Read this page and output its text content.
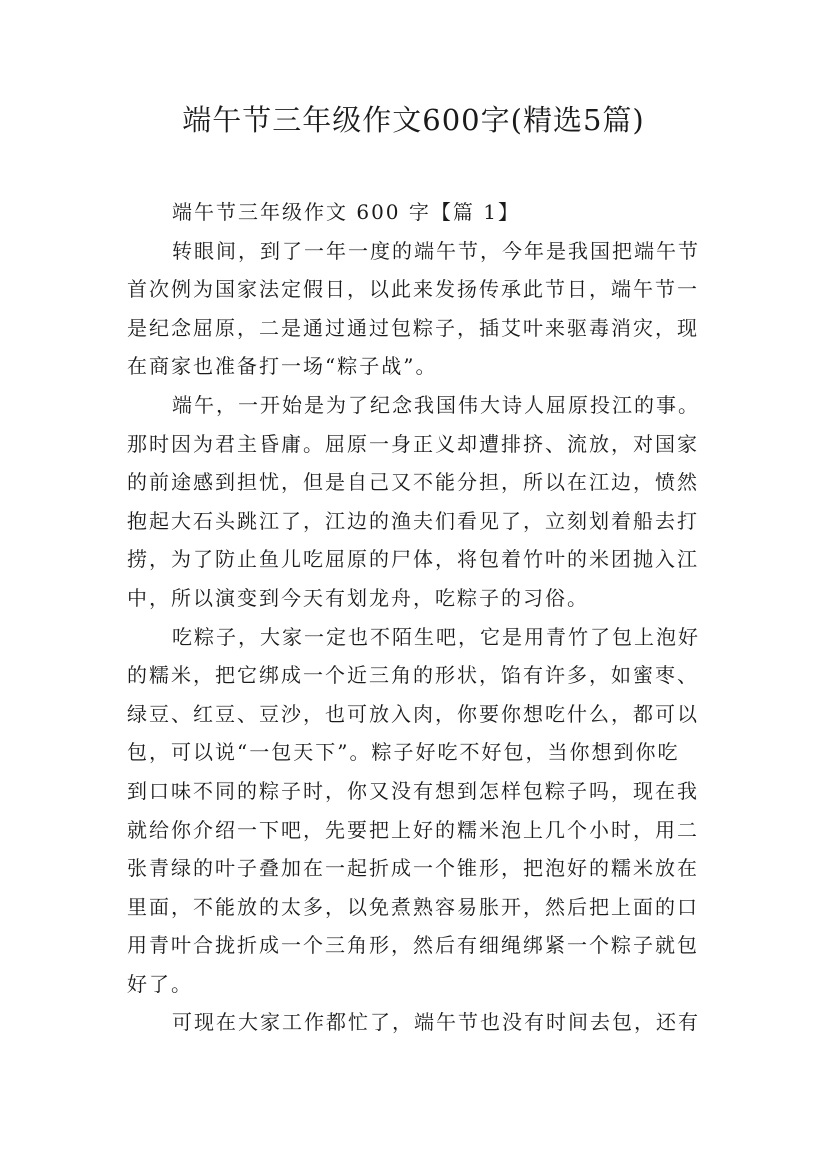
端午节三年级作文600字(精选5篇)
端午节三年级作文 600 字【篇 1】
转眼间，到了一年一度的端午节，今年是我国把端午节
首次例为国家法定假日，以此来发扬传承此节日，端午节一
是纪念屈原，二是通过通过包粽子，插艾叶来驱毒消灾，现
在商家也准备打一场“粽子战”。
端午，一开始是为了纪念我国伟大诗人屈原投江的事。
那时因为君主昏庸。屈原一身正义却遭排挤、流放，对国家
的前途感到担忧，但是自己又不能分担，所以在江边，愤然
抱起大石头跳江了，江边的渔夫们看见了，立刻划着船去打
捞，为了防止鱼儿吃屈原的尸体，将包着竹叶的米团抛入江
中，所以演变到今天有划龙舟，吃粽子的习俗。
吃粽子，大家一定也不陌生吧，它是用青竹了包上泡好
的糯米，把它绑成一个近三角的形状，馅有许多，如蜜枣、
绿豆、红豆、豆沙，也可放入肉，你要你想吃什么，都可以
包，可以说“一包天下”。粽子好吃不好包，当你想到你吃
到口味不同的粽子时，你又没有想到怎样包粽子吗，现在我
就给你介绍一下吧，先要把上好的糯米泡上几个小时，用二
张青绿的叶子叠加在一起折成一个锥形，把泡好的糯米放在
里面，不能放的太多，以免煮熟容易胀开，然后把上面的口
用青叶合拢折成一个三角形，然后有细绳绑紧一个粽子就包
好了。
可现在大家工作都忙了，端午节也没有时间去包，还有
